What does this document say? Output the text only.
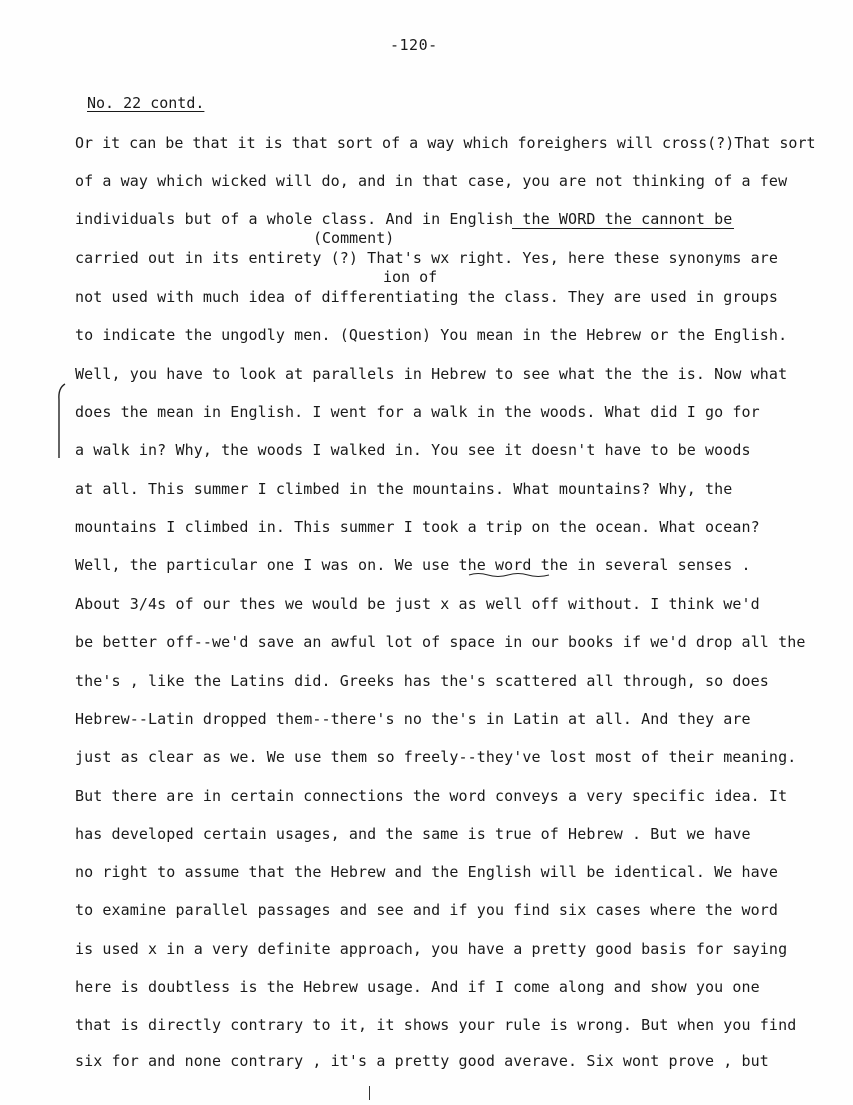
-120-
No. 22 contd.
(Comment)
ion of
Or it can be that it is that sort of a way which foreighers will cross(?)That sort
of a way which wicked will do, and in that case, you are not thinking of a few
individuals but of a whole class. And in English the WORD the cannont be
carried out in its entirety (?) That's wx right. Yes, here these synonyms are
not used with much idea of differentiating the class. They are used in groups
to indicate the ungodly men. (Question) You mean in the Hebrew or the English.
Well, you have to look at parallels in Hebrew to see what the the is. Now what
does the mean in English. I went for a walk in the woods. What did I go for
a walk in? Why, the woods I walked in. You see it doesn't have to be woods
at all. This summer I climbed in the mountains. What mountains? Why, the
mountains I climbed in. This summer I took a trip on the ocean. What ocean?
Well, the particular one I was on. We use the word the in several senses .
About 3/4s of our thes we would be just x as well off without. I think we'd
be better off--we'd save an awful lot of space in our books if we'd drop all the
the's , like the Latins did. Greeks has the's scattered all through, so does
Hebrew--Latin dropped them--there's no the's in Latin at all. And they are
just as clear as we. We use them so freely--they've lost most of their meaning.
But there are in certain connections the word conveys a very specific idea. It
has developed certain usages, and the same is true of Hebrew . But we have
no right to assume that the Hebrew and the English will be identical. We have
to examine parallel passages and see and if you find six cases where the word
is used x in a very definite approach, you have a pretty good basis for saying
here is doubtless is the Hebrew usage. And if I come along and show you one
that is directly contrary to it, it shows your rule is wrong. But when you find
six for and none contrary , it's a pretty good averave. Six wont prove , but
